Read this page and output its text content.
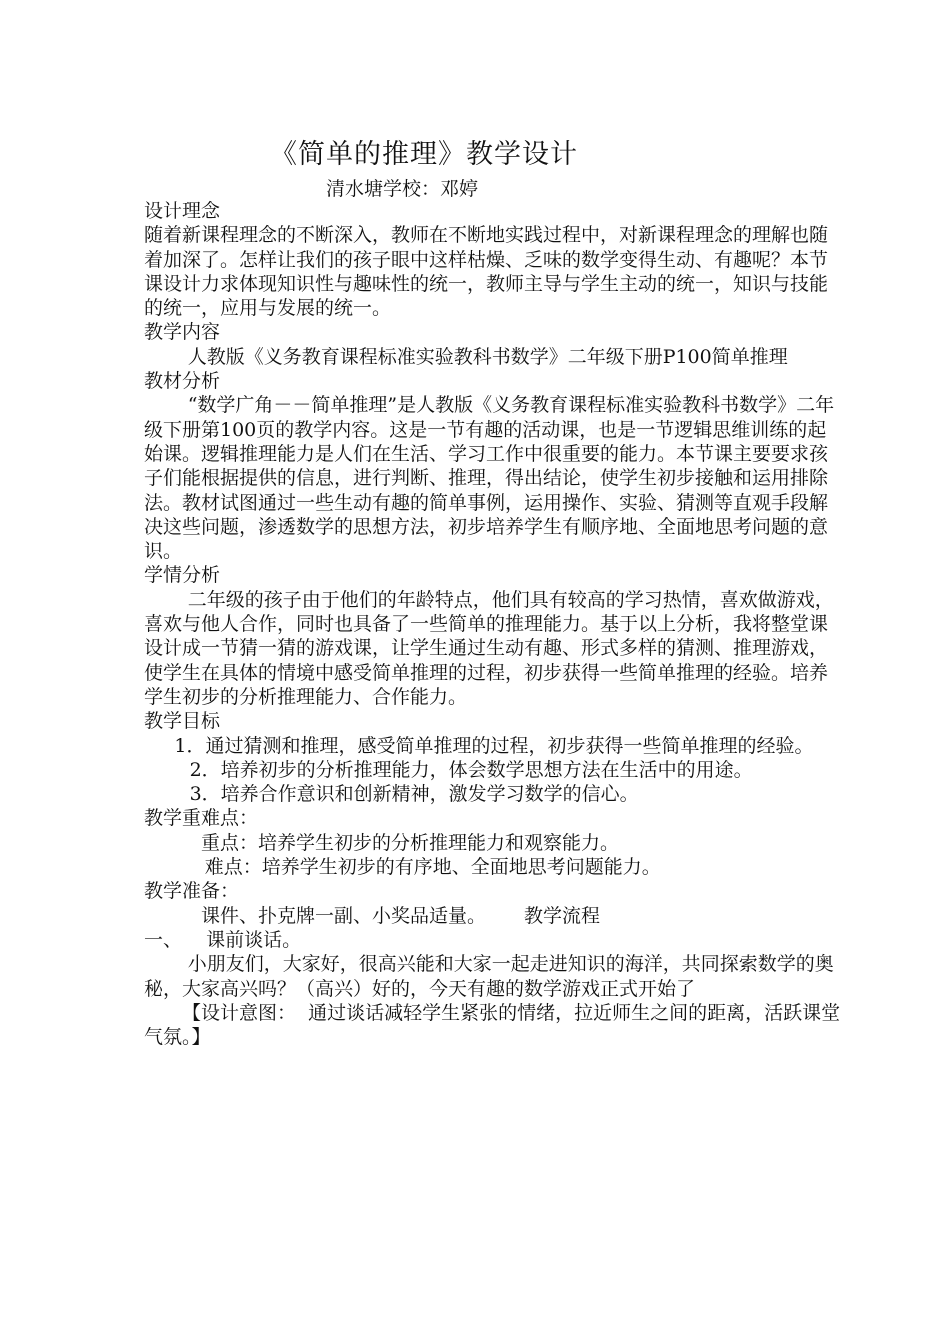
《简单的推理》教学设计
清水塘学校：邓婷

设计理念

随着新课程理念的不断深入，教师在不断地实践过程中，对新课程理念的理解也随着加深了。怎样让我们的孩子眼中这样枯燥、乏味的数学变得生动、有趣呢？本节课设计力求体现知识性与趣味性的统一，教师主导与学生主动的统一，知识与技能的统一，应用与发展的统一。

教学内容

人教版《义务教育课程标准实验教科书数学》二年级下册P100简单推理

教材分析

“数学广角－－简单推理”是人教版《义务教育课程标准实验教科书数学》二年级下册第100页的教学内容。这是一节有趣的活动课，也是一节逻辑思维训练的起始课。逻辑推理能力是人们在生活、学习工作中很重要的能力。本节课主要要求孩子们能根据提供的信息，进行判断、推理，得出结论，使学生初步接触和运用排除法。教材试图通过一些生动有趣的简单事例，运用操作、实验、猜测等直观手段解决这些问题，渗透数学的思想方法，初步培养学生有顺序地、全面地思考问题的意识。

学情分析

二年级的孩子由于他们的年龄特点，他们具有较高的学习热情，喜欢做游戏，喜欢与他人合作，同时也具备了一些简单的推理能力。基于以上分析，我将整堂课设计成一节猜一猜的游戏课，让学生通过生动有趣、形式多样的猜测、推理游戏，使学生在具体的情境中感受简单推理的过程，初步获得一些简单推理的经验。培养学生初步的分析推理能力、合作能力。

教学目标

1．通过猜测和推理，感受简单推理的过程，初步获得一些简单推理的经验。

2．培养初步的分析推理能力，体会数学思想方法在生活中的用途。

3．培养合作意识和创新精神，激发学习数学的信心。

教学重难点：

重点：培养学生初步的分析推理能力和观察能力。

难点：培养学生初步的有序地、全面地思考问题能力。

教学准备：

课件、扑克牌一副、小奖品适量。 教学流程

一、    课前谈话。

小朋友们，大家好，很高兴能和大家一起走进知识的海洋，共同探索数学的奥秘，大家高兴吗？（高兴）好的，今天有趣的数学游戏正式开始了

【设计意图：  通过谈话减轻学生紧张的情绪，拉近师生之间的距离，活跃课堂气氛。】
